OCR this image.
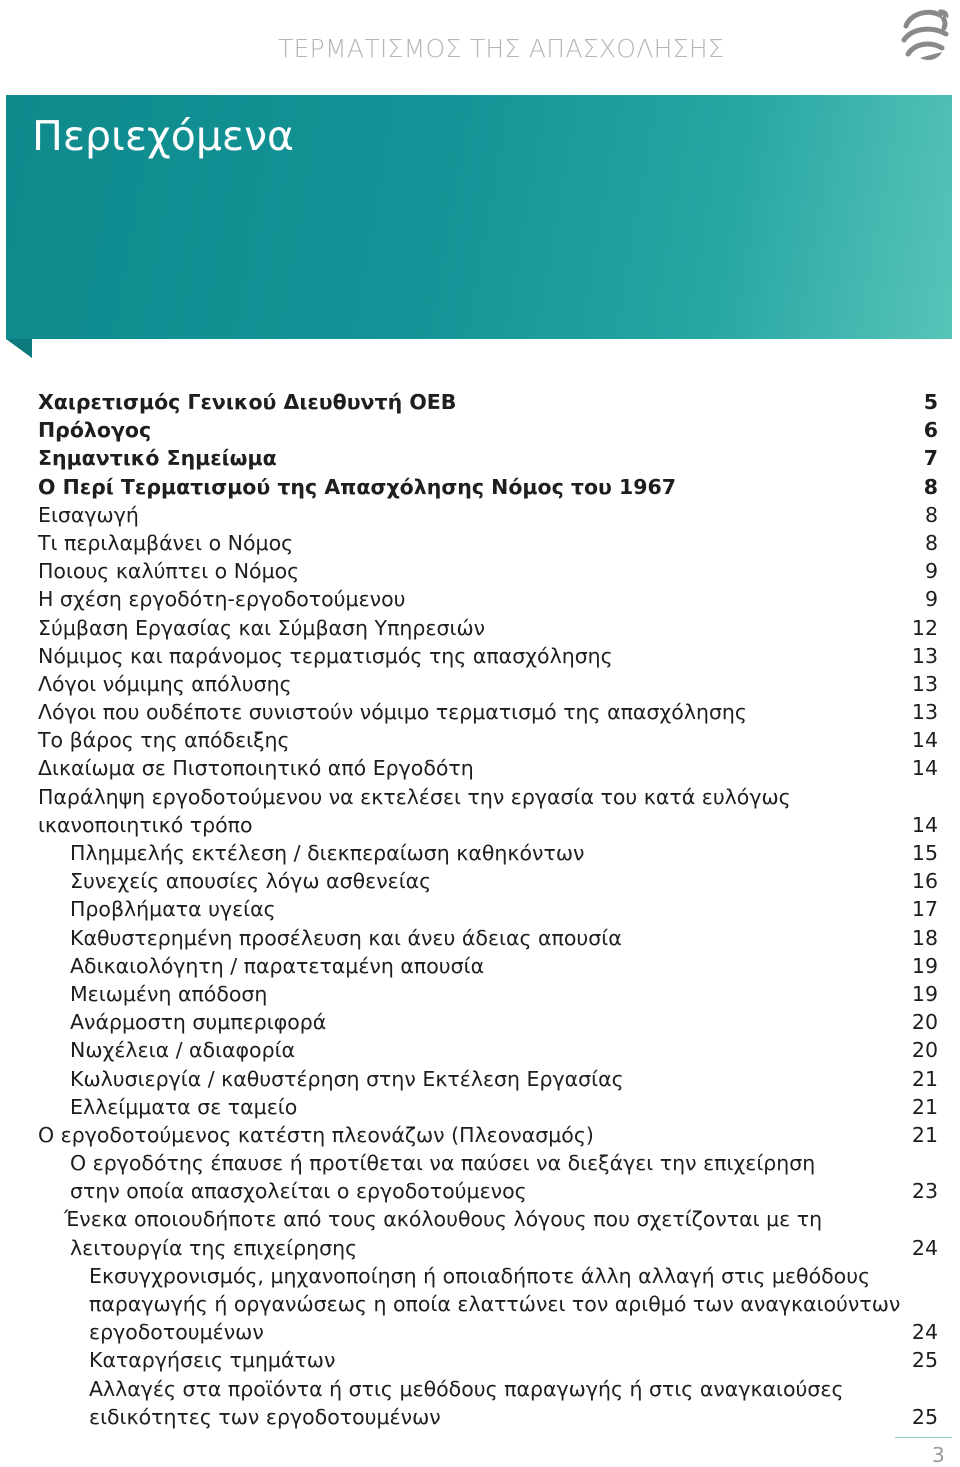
ΤΕΡΜΑΤΙΣΜΟΣ ΤΗΣ ΑΠΑΣΧΟΛΗΣΗΣ
Περιεχόμενα
Χαιρετισμός Γενικού Διευθυντή ΟΕΒ	5
Πρόλογος	6
Σημαντικό Σημείωμα	7
Ο Περί Τερματισμού της Απασχόλησης Νόμος του 1967	8
Εισαγωγή	8
Τι περιλαμβάνει ο Νόμος	8
Ποιους καλύπτει ο Νόμος	9
Η σχέση εργοδότη-εργοδοτούμενου	9
Σύμβαση Εργασίας και Σύμβαση Υπηρεσιών	12
Νόμιμος και παράνομος τερματισμός της απασχόλησης	13
Λόγοι νόμιμης απόλυσης	13
Λόγοι που ουδέποτε συνιστούν νόμιμο τερματισμό της απασχόλησης	13
Το βάρος της απόδειξης	14
Δικαίωμα σε Πιστοποιητικό από Εργοδότη	14
Παράληψη εργοδοτούμενου να εκτελέσει την εργασία του κατά ευλόγως
ικανοποιητικό τρόπο	14
Πλημμελής εκτέλεση / διεκπεραίωση καθηκόντων	15
Συνεχείς απουσίες λόγω ασθενείας	16
Προβλήματα υγείας	17
Καθυστερημένη προσέλευση και άνευ άδειας απουσία	18
Αδικαιολόγητη / παρατεταμένη απουσία	19
Μειωμένη απόδοση	19
Ανάρμοστη συμπεριφορά	20
Νωχέλεια / αδιαφορία	20
Κωλυσιεργία / καθυστέρηση στην Εκτέλεση Εργασίας	21
Ελλείμματα σε ταμείο	21
Ο εργοδοτούμενος κατέστη πλεονάζων (Πλεονασμός)	21
Ο εργοδότης έπαυσε ή προτίθεται να παύσει να διεξάγει την επιχείρηση
στην οποία απασχολείται ο εργοδοτούμενος	23
Ένεκα οποιουδήποτε από τους ακόλουθους λόγους που σχετίζονται με τη
λειτουργία της επιχείρησης	24
Εκσυγχρονισμός, μηχανοποίηση ή οποιαδήποτε άλλη αλλαγή στις μεθόδους
παραγωγής ή οργανώσεως η οποία ελαττώνει τον αριθμό των αναγκαιούντων
εργοδοτουμένων	24
Καταργήσεις τμημάτων	25
Αλλαγές στα προϊόντα ή στις μεθόδους παραγωγής ή στις αναγκαιούσες
ειδικότητες των εργοδοτουμένων	25
3
